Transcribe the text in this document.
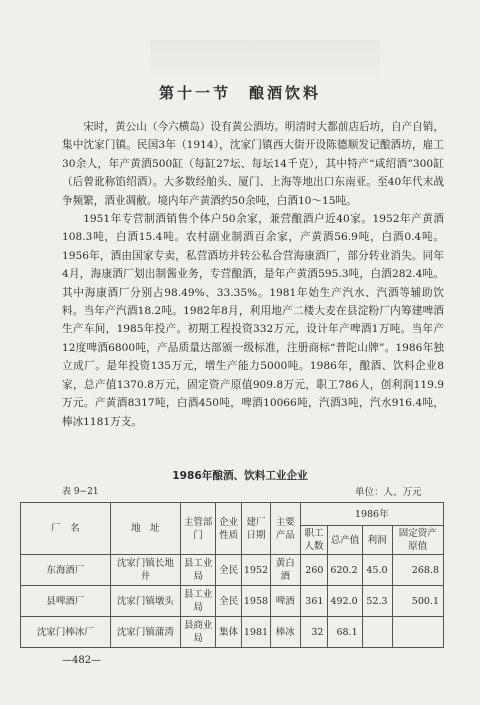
第十一节　酿酒饮料

宋时，黄公山（今六横岛）设有黄公酒坊。明清时大都前店后坊，自产自销，集中沈家门镇。民国3年（1914），沈家门镇西大街开设陈德顺发记酿酒坊，雇工30余人，年产黄酒500缸（每缸27坛、每坛14千克），其中特产“咸绍酒”300缸（后曾讹称馅绍酒）。大多数经舶头、厦门、上海等地出口东南亚。至40年代末战争频繁，酒业凋敝。境内年产黄酒约50余吨，白酒10～15吨。

1951年专营制酒销售个体户50余家，兼营酿酒户近40家。1952年产黄酒108.3吨，白酒15.4吨。农村副业制酒百余家，产黄酒56.9吨，白酒0.4吨。1956年，酒由国家专卖，私营酒坊并转公私合营海康酒厂，部分转业消失。同年4月，海康酒厂划出制酱业务，专营酿酒，是年产黄酒595.3吨，白酒282.4吨。其中海康酒厂分别占98.49%、33.35%。1981年始生产汽水、汽酒等辅助饮料。当年产汽酒18.2吨。1982年8月，利用地产二楼大麦在县淀粉厂内筹建啤酒生产车间，1985年投产。初期工程投资332万元，设计年产啤酒1万吨。当年产12度啤酒6800吨，产品质量达部颁一级标准，注册商标“普陀山牌”。1986年独立成厂。是年投资135万元，增生产能力5000吨。1986年，酿酒、饮料企业8家，总产值1370.8万元，固定资产原值909.8万元，职工786人，创利润119.9万元。产黄酒8317吨，白酒450吨，啤酒10066吨，汽酒3吨，汽水916.4吨，棒冰1181万支。

1986年酿酒、饮料工业企业
表 9−21	单位：人、万元
厂　名	地　址	主管部门	企业性质	建厂日期	主要产品	1986年			
						职工人数	总产值	利润	固定资产原值
东海酒厂	沈家门镇长地井	县工业局	全民	1952	黄白酒	260	620.2	45.0	268.8
县啤酒厂	沈家门镇墩头	县工业局	全民	1958	啤酒	361	492.0	52.3	500.1
沈家门棒冰厂	沈家门镇蒲湾	县商业局	集体	1981	棒冰	32	68.1		
—482—
